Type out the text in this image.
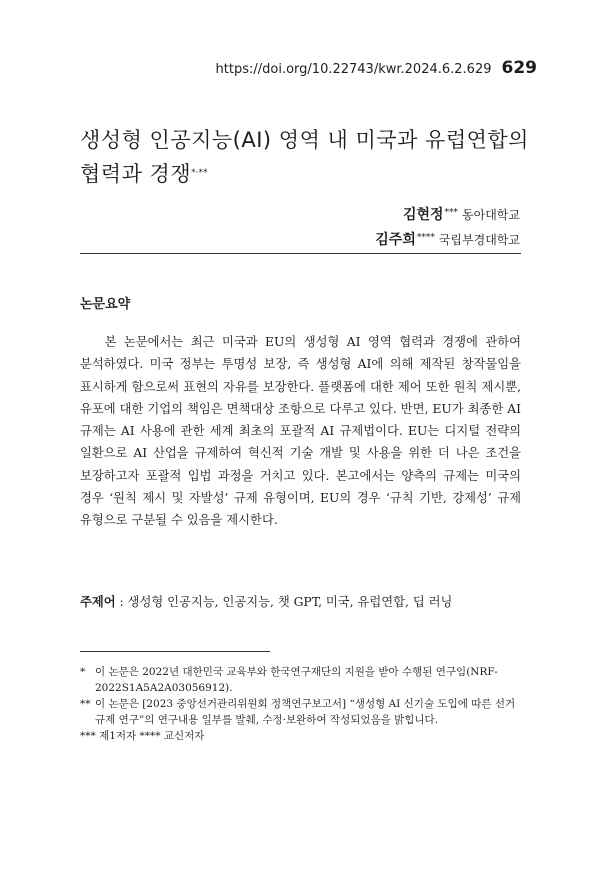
https://doi.org/10.22743/kwr.2024.6.2.629 629
생성형 인공지능(AI) 영역 내 미국과 유럽연합의 협력과 경쟁*·**
김현정*** 동아대학교
김주희**** 국립부경대학교
논문요약

본 논문에서는 최근 미국과 EU의 생성형 AI 영역 협력과 경쟁에 관하여 분석하였다. 미국 정부는 투명성 보장, 즉 생성형 AI에 의해 제작된 창작물임을 표시하게 함으로써 표현의 자유를 보장한다. 플랫폼에 대한 제어 또한 원칙 제시뿐, 유포에 대한 기업의 책임은 면책대상 조항으로 다루고 있다. 반면, EU가 최종한 AI 규제는 AI 사용에 관한 세계 최초의 포괄적 AI 규제법이다. EU는 디지털 전략의 일환으로 AI 산업을 규제하여 혁신적 기술 개발 및 사용을 위한 더 나은 조건을 보장하고자 포괄적 입법 과정을 거치고 있다. 본고에서는 양측의 규제는 미국의 경우 ‘원칙 제시 및 자발성’ 규제 유형이며, EU의 경우 ‘규칙 기반, 강제성’ 규제 유형으로 구분될 수 있음을 제시한다.

주제어 : 생성형 인공지능, 인공지능, 챗 GPT, 미국, 유럽연합, 딥 러닝
* 이 논문은 2022년 대한민국 교육부와 한국연구재단의 지원을 받아 수행된 연구임(NRF-2022S1A5A2A03056912).
** 이 논문은 [2023 중앙선거관리위원회 정책연구보고서] “생성형 AI 신기술 도입에 따른 선거 규제 연구”의 연구내용 일부를 발췌, 수정·보완하여 작성되었음을 밝힙니다.
*** 제1저자 **** 교신저자
